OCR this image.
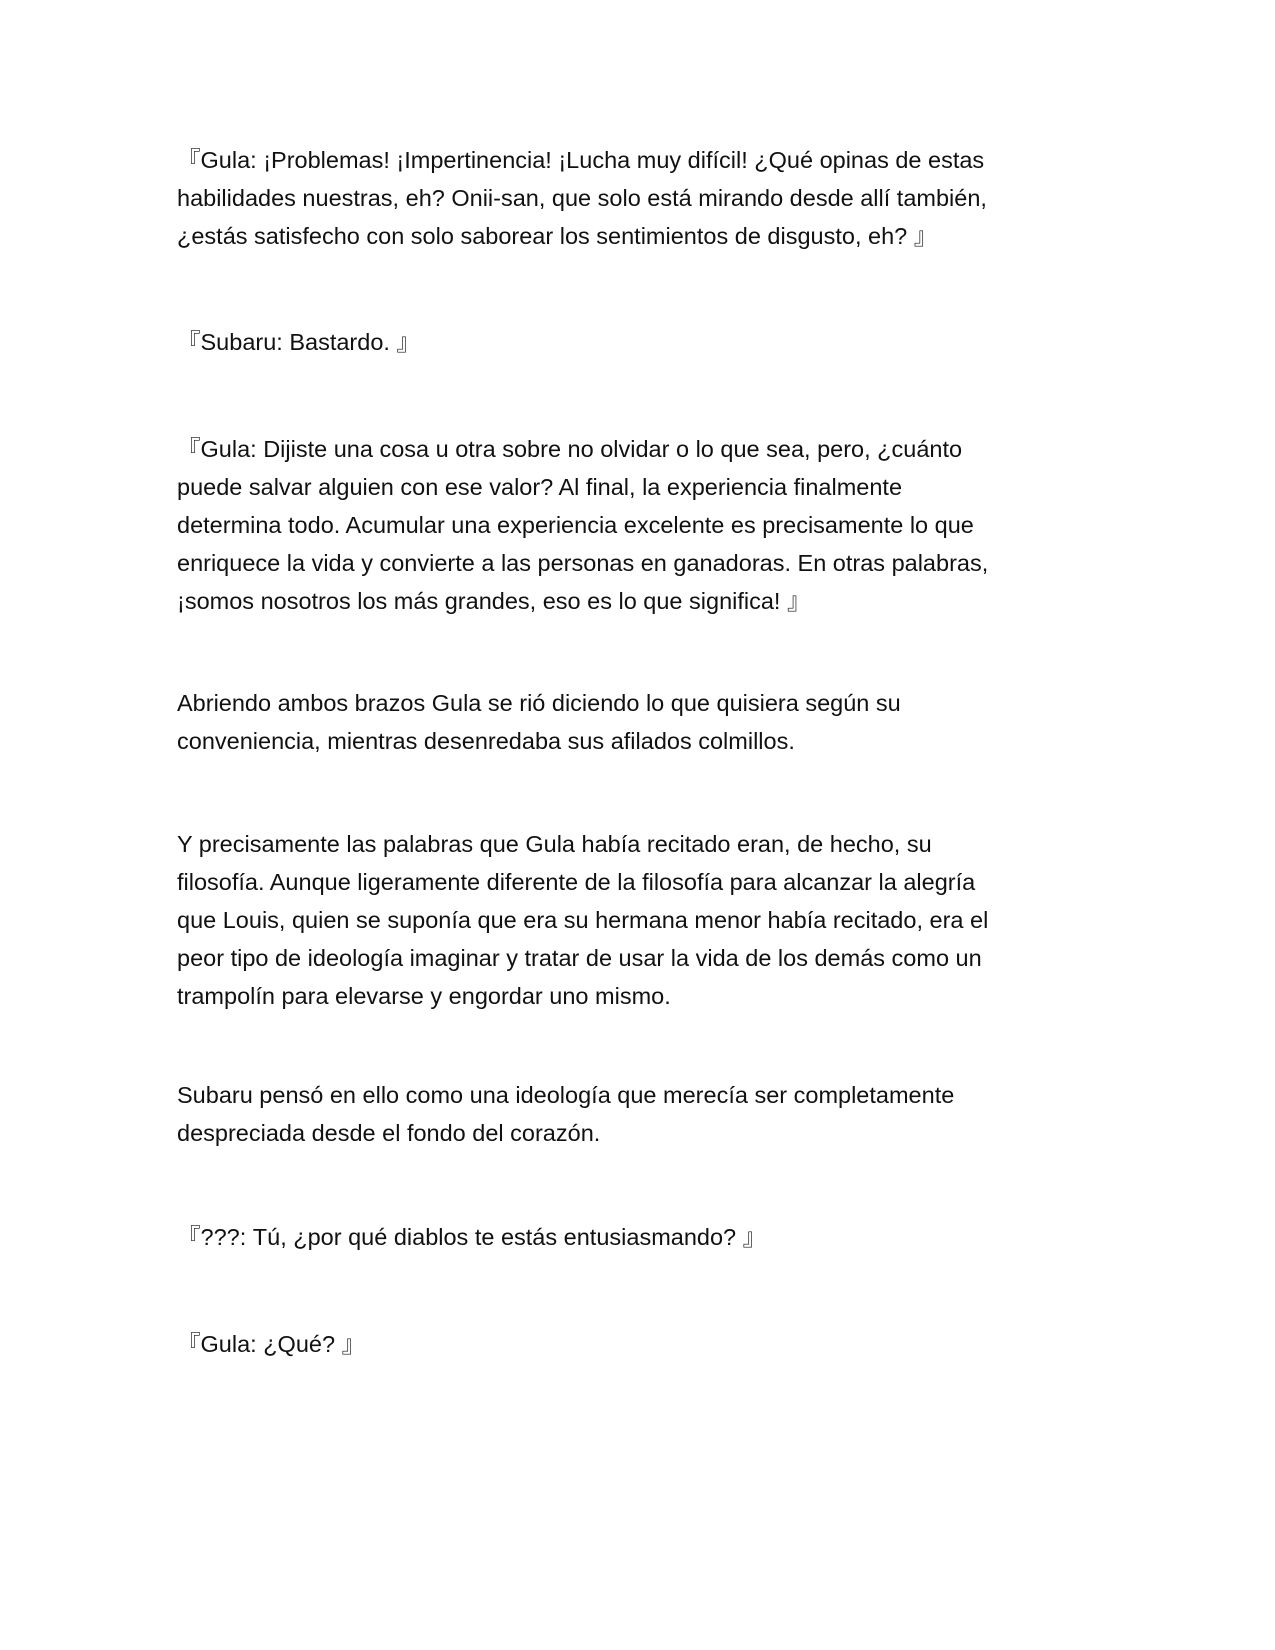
『Gula: ¡Problemas! ¡Impertinencia! ¡Lucha muy difícil! ¿Qué opinas de estas
habilidades nuestras, eh? Onii-san, que solo está mirando desde allí también,
¿estás satisfecho con solo saborear los sentimientos de disgusto, eh? 』

『Subaru: Bastardo. 』

『Gula: Dijiste una cosa u otra sobre no olvidar o lo que sea, pero, ¿cuánto
puede salvar alguien con ese valor? Al final, la experiencia finalmente
determina todo. Acumular una experiencia excelente es precisamente lo que
enriquece la vida y convierte a las personas en ganadoras. En otras palabras,
¡somos nosotros los más grandes, eso es lo que significa! 』

Abriendo ambos brazos Gula se rió diciendo lo que quisiera según su
conveniencia, mientras desenredaba sus afilados colmillos.

Y precisamente las palabras que Gula había recitado eran, de hecho, su
filosofía. Aunque ligeramente diferente de la filosofía para alcanzar la alegría
que Louis, quien se suponía que era su hermana menor había recitado, era el
peor tipo de ideología imaginar y tratar de usar la vida de los demás como un
trampolín para elevarse y engordar uno mismo.

Subaru pensó en ello como una ideología que merecía ser completamente
despreciada desde el fondo del corazón.

『???: Tú, ¿por qué diablos te estás entusiasmando? 』

『Gula: ¿Qué? 』
